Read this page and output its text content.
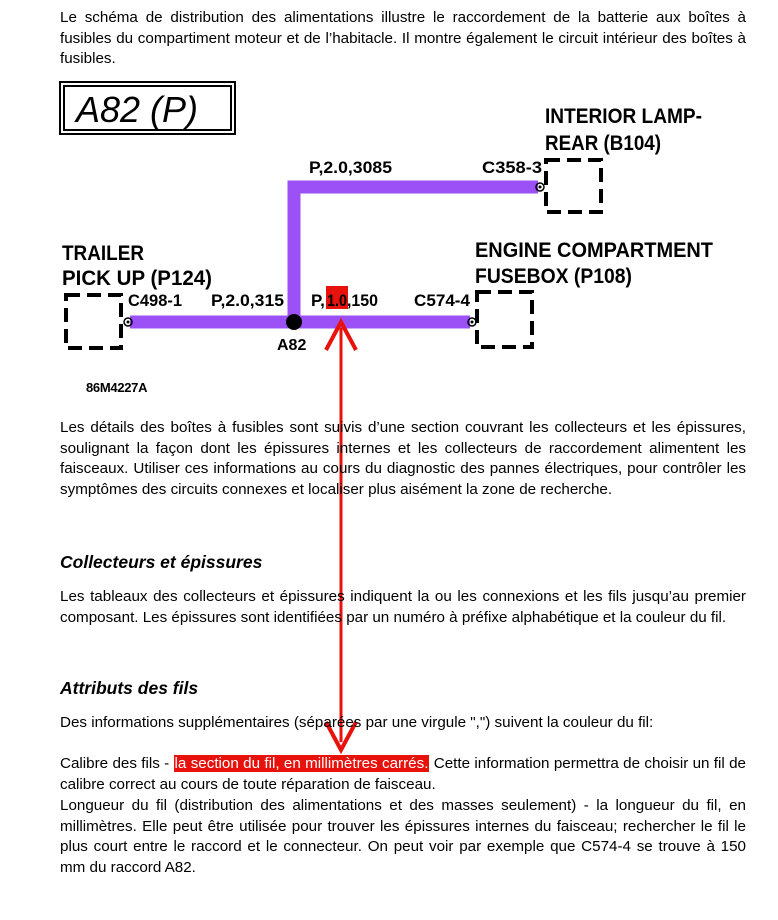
Le schéma de distribution des alimentations illustre le raccordement de la batterie aux boîtes à fusibles du compartiment moteur et de l’habitacle. Il montre également le circuit intérieur des boîtes à fusibles.

A82 (P)	INTERIOR LAMP-
REAR (B104)
C358-3
P,2.0,3085
ENGINE COMPARTMENT
FUSEBOX (P108)
TRAILER
PICK UP (P124)
C498-1 P,2.0,315 P, 1.0 ,150 C574-4
A82
86M4227A

Les détails des boîtes à fusibles sont suivis d’une section couvrant les collecteurs et les épissures, soulignant la façon dont les épissures internes et les collecteurs de raccordement alimentent les faisceaux. Utiliser ces informations au cours du diagnostic des pannes électriques, pour contrôler les symptômes des circuits connexes et localiser plus aisément la zone de recherche.

Collecteurs et épissures

Les tableaux des collecteurs et épissures indiquent la ou les connexions et les fils jusqu’au premier composant. Les épissures sont identifiées par un numéro à préfixe alphabétique et la couleur du fil.

Attributs des fils

Des informations supplémentaires (séparées par une virgule ",") suivent la couleur du fil:

Calibre des fils - la section du fil, en millimètres carrés. Cette information permettra de choisir un fil de calibre correct au cours de toute réparation de faisceau.

Longueur du fil (distribution des alimentations et des masses seulement) - la longueur du fil, en millimètres. Elle peut être utilisée pour trouver les épissures internes du faisceau; rechercher le fil le plus court entre le raccord et le connecteur. On peut voir par exemple que C574-4 se trouve à 150 mm du raccord A82.
